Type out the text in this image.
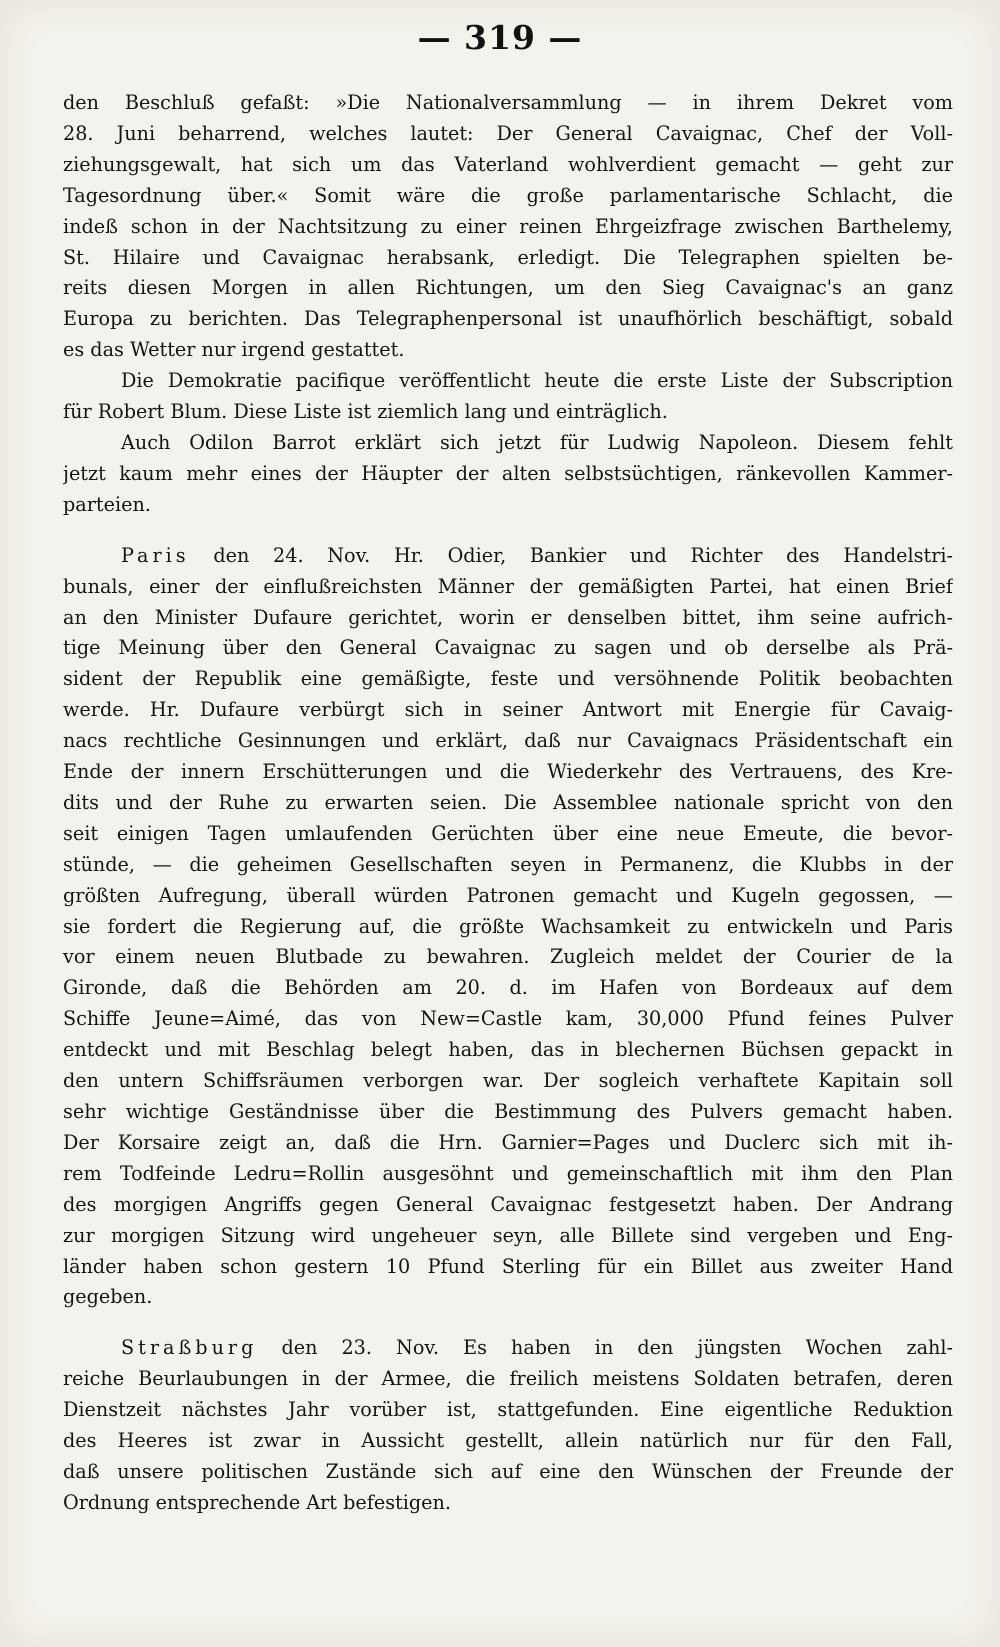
— 319 —
den Beschluß gefaßt: »Die Nationalversammlung — in ihrem Dekret vom
28. Juni beharrend, welches lautet: Der General Cavaignac, Chef der Voll-
ziehungsgewalt, hat sich um das Vaterland wohlverdient gemacht — geht zur
Tagesordnung über.« Somit wäre die große parlamentarische Schlacht, die
indeß schon in der Nachtsitzung zu einer reinen Ehrgeizfrage zwischen Barthelemy,
St. Hilaire und Cavaignac herabsank, erledigt. Die Telegraphen spielten be-
reits diesen Morgen in allen Richtungen, um den Sieg Cavaignac's an ganz
Europa zu berichten. Das Telegraphenpersonal ist unaufhörlich beschäftigt, sobald
es das Wetter nur irgend gestattet.
Die Demokratie pacifique veröffentlicht heute die erste Liste der Subscription
für Robert Blum. Diese Liste ist ziemlich lang und einträglich.
Auch Odilon Barrot erklärt sich jetzt für Ludwig Napoleon. Diesem fehlt
jetzt kaum mehr eines der Häupter der alten selbstsüchtigen, ränkevollen Kammer-
parteien.
Paris den 24. Nov. Hr. Odier, Bankier und Richter des Handelstri-
bunals, einer der einflußreichsten Männer der gemäßigten Partei, hat einen Brief
an den Minister Dufaure gerichtet, worin er denselben bittet, ihm seine aufrich-
tige Meinung über den General Cavaignac zu sagen und ob derselbe als Prä-
sident der Republik eine gemäßigte, feste und versöhnende Politik beobachten
werde. Hr. Dufaure verbürgt sich in seiner Antwort mit Energie für Cavaig-
nacs rechtliche Gesinnungen und erklärt, daß nur Cavaignacs Präsidentschaft ein
Ende der innern Erschütterungen und die Wiederkehr des Vertrauens, des Kre-
dits und der Ruhe zu erwarten seien. Die Assemblee nationale spricht von den
seit einigen Tagen umlaufenden Gerüchten über eine neue Emeute, die bevor-
stünde, — die geheimen Gesellschaften seyen in Permanenz, die Klubbs in der
größten Aufregung, überall würden Patronen gemacht und Kugeln gegossen, —
sie fordert die Regierung auf, die größte Wachsamkeit zu entwickeln und Paris
vor einem neuen Blutbade zu bewahren. Zugleich meldet der Courier de la
Gironde, daß die Behörden am 20. d. im Hafen von Bordeaux auf dem
Schiffe Jeune=Aimé, das von New=Castle kam, 30,000 Pfund feines Pulver
entdeckt und mit Beschlag belegt haben, das in blechernen Büchsen gepackt in
den untern Schiffsräumen verborgen war. Der sogleich verhaftete Kapitain soll
sehr wichtige Geständnisse über die Bestimmung des Pulvers gemacht haben.
Der Korsaire zeigt an, daß die Hrn. Garnier=Pages und Duclerc sich mit ih-
rem Todfeinde Ledru=Rollin ausgesöhnt und gemeinschaftlich mit ihm den Plan
des morgigen Angriffs gegen General Cavaignac festgesetzt haben. Der Andrang
zur morgigen Sitzung wird ungeheuer seyn, alle Billete sind vergeben und Eng-
länder haben schon gestern 10 Pfund Sterling für ein Billet aus zweiter Hand
gegeben.
Straßburg den 23. Nov. Es haben in den jüngsten Wochen zahl-
reiche Beurlaubungen in der Armee, die freilich meistens Soldaten betrafen, deren
Dienstzeit nächstes Jahr vorüber ist, stattgefunden. Eine eigentliche Reduktion
des Heeres ist zwar in Aussicht gestellt, allein natürlich nur für den Fall,
daß unsere politischen Zustände sich auf eine den Wünschen der Freunde der
Ordnung entsprechende Art befestigen.
